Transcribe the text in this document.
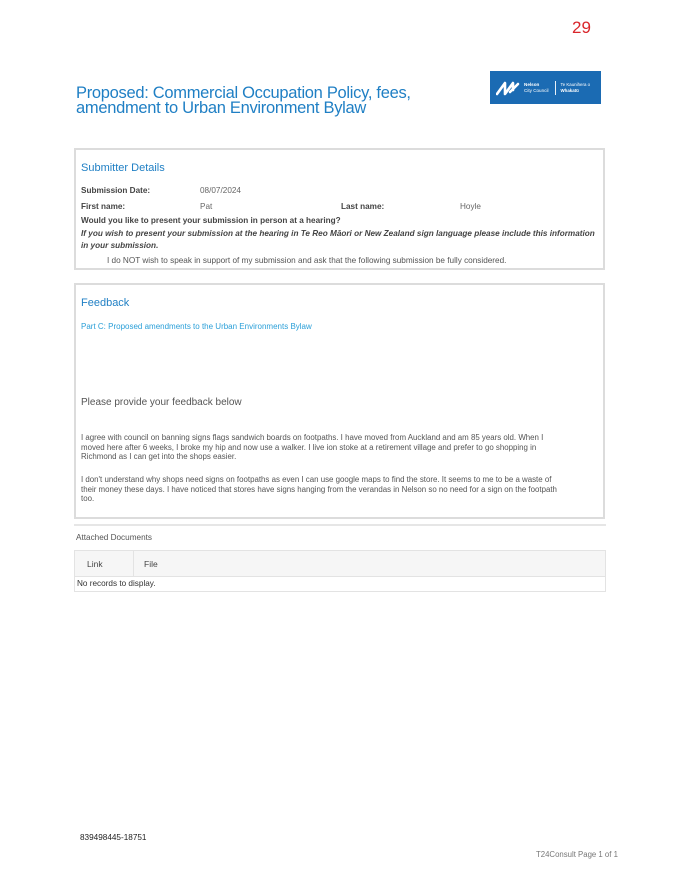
29
Proposed: Commercial Occupation Policy, fees, amendment to Urban Environment Bylaw
Nelson
City Council
Te Kaunihera o
Whakatū
Submitter Details
Submission Date:	08/07/2024
First name:	Pat	Last name:	Hoyle
Would you like to present your submission in person at a hearing?
If you wish to present your submission at the hearing in Te Reo Māori or New Zealand sign language please include this information in your submission.
I do NOT wish to speak in support of my submission and ask that the following submission be fully considered.
Feedback
Part C: Proposed amendments to the Urban Environments Bylaw
Please provide your feedback below
I agree with council on banning signs flags sandwich boards on footpaths. I have moved from Auckland and am 85 years old. When I moved here after 6 weeks, I broke my hip and now use a walker. I live ion stoke at a retirement village and prefer to go shopping in Richmond as I can get into the shops easier.
I don't understand why shops need signs on footpaths as even I can use google maps to find the store. It seems to me to be a waste of their money these days. I have noticed that stores have signs hanging from the verandas in Nelson so no need for a sign on the footpath too.
Attached Documents
Link	File
No records to display.
839498445-18751
T24Consult Page 1 of 1
